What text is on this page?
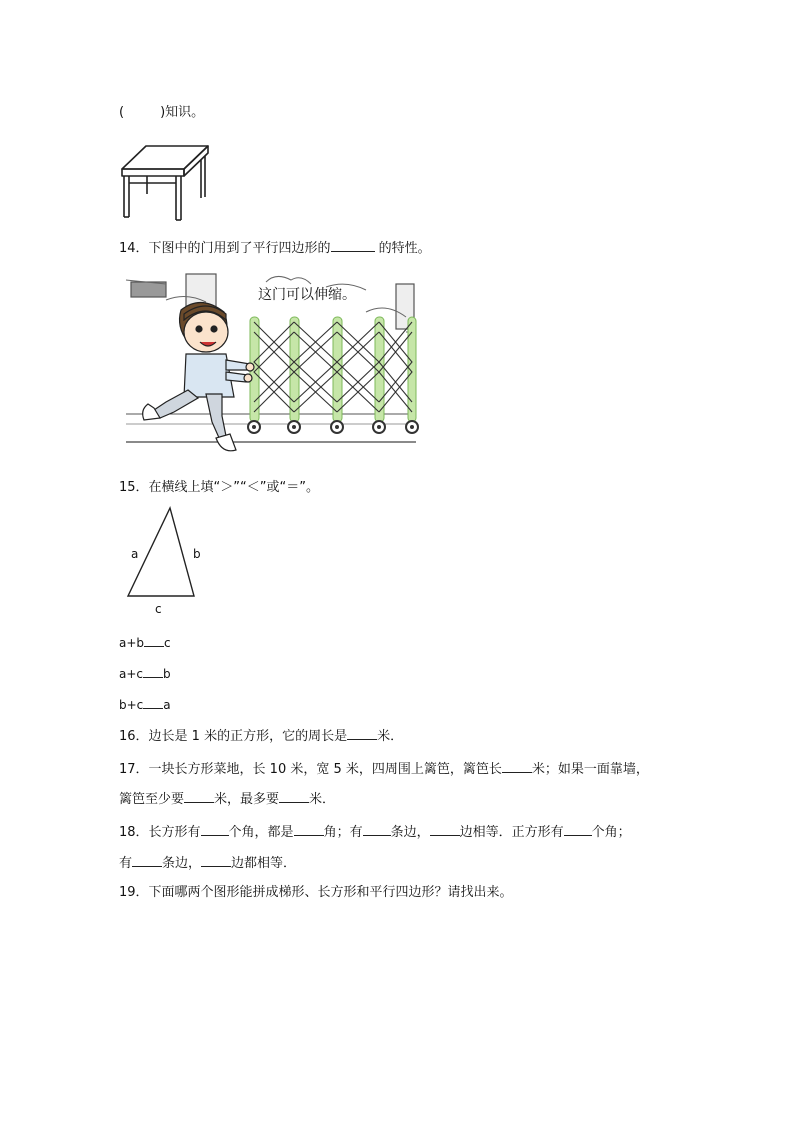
(	)知识。
14．下图中的门用到了平行四边形的	的特性。
这门可以伸缩。
15．在横线上填“＞”“＜”或“＝”。
a	b
c
a+b c
a+c b
b+c a
16．边长是 1 米的正方形，它的周长是 米．
17．一块长方形菜地，长 10 米，宽 5 米，四周围上篱笆，篱笆长 米；如果一面靠墙，
篱笆至少要 米，最多要 米．
18．长方形有 个角，都是 角；有 条边， 边相等．正方形有 个角；
有 条边， 边都相等．
19．下面哪两个图形能拼成梯形、长方形和平行四边形？请找出来。
